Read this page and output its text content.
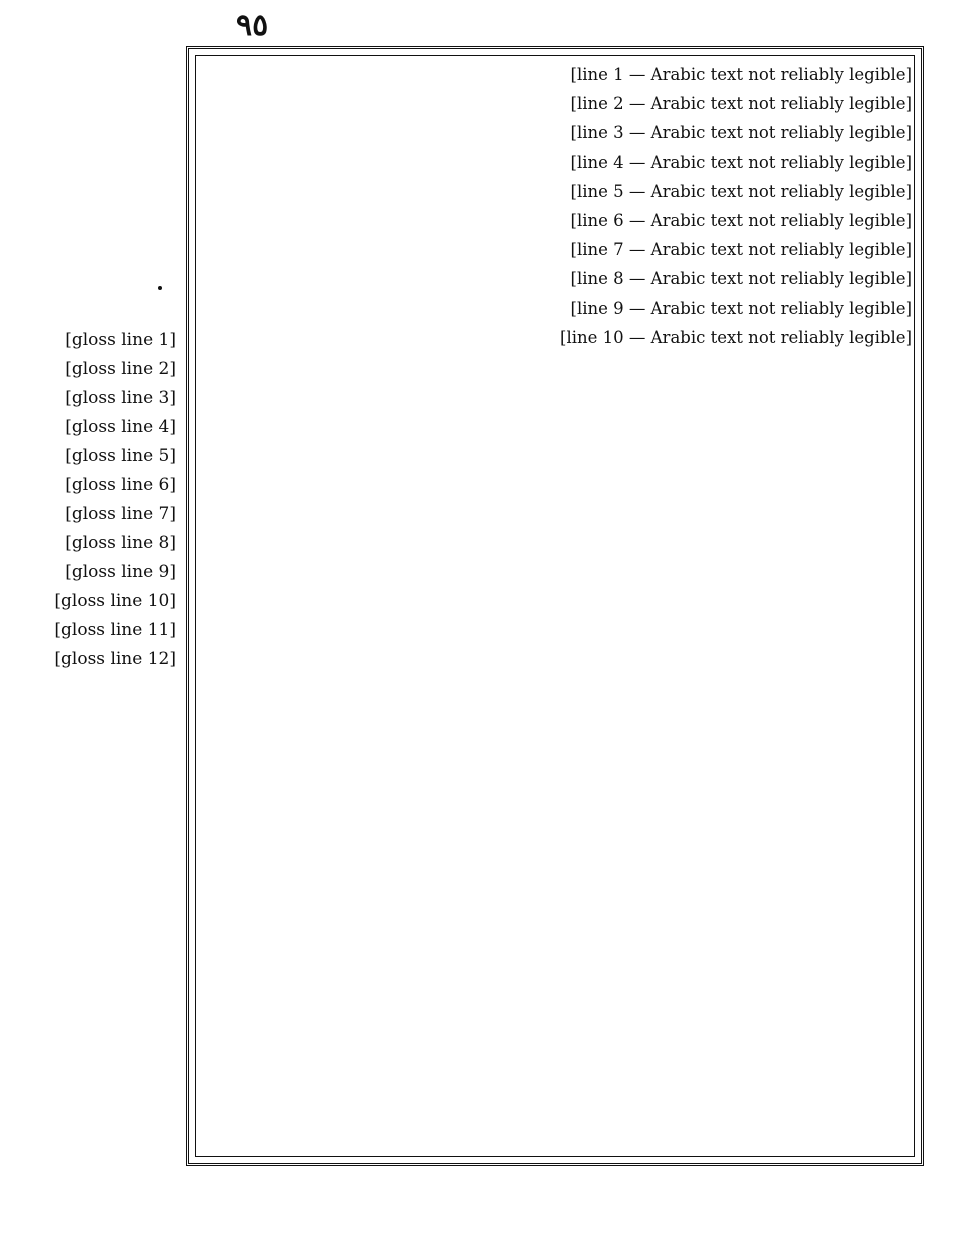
٩٥

[line 1 — Arabic text not reliably legible]

[line 2 — Arabic text not reliably legible]

[line 3 — Arabic text not reliably legible]

[line 4 — Arabic text not reliably legible]

[line 5 — Arabic text not reliably legible]

[line 6 — Arabic text not reliably legible]

[line 7 — Arabic text not reliably legible]

[line 8 — Arabic text not reliably legible]

[line 9 — Arabic text not reliably legible]

[line 10 — Arabic text not reliably legible]

[gloss line 1]

[gloss line 2]

[gloss line 3]

[gloss line 4]

[gloss line 5]

[gloss line 6]

[gloss line 7]

[gloss line 8]

[gloss line 9]

[gloss line 10]

[gloss line 11]

[gloss line 12]
